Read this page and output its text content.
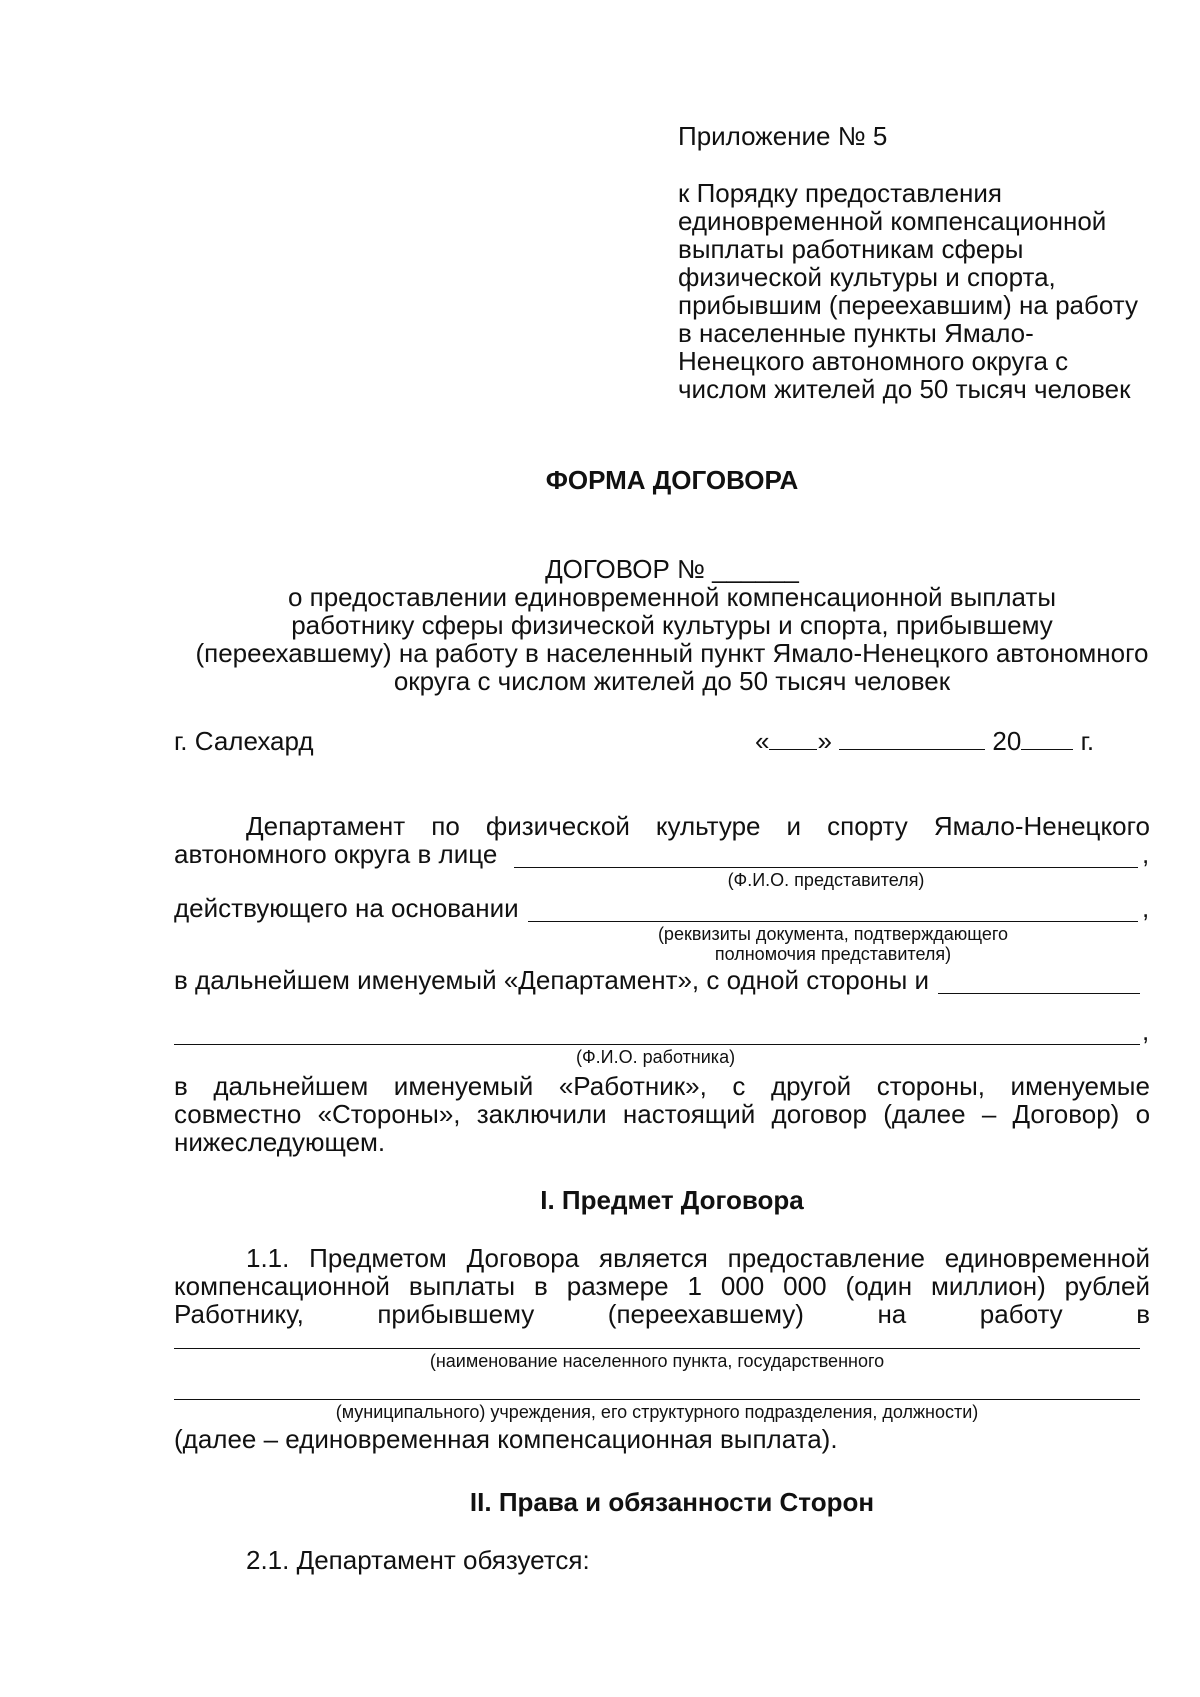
Приложение № 5
к Порядку предоставления
единовременной компенсационной
выплаты работникам сферы
физической культуры и спорта,
прибывшим (переехавшим) на работу
в населенные пункты Ямало-
Ненецкого автономного округа с
числом жителей до 50 тысяч человек
ФОРМА ДОГОВОРА
ДОГОВОР № ______
о предоставлении единовременной компенсационной выплаты
работнику сферы физической культуры и спорта, прибывшему
(переехавшему) на работу в населенный пункт Ямало-Ненецкого автономного
округа с числом жителей до 50 тысяч человек
г. Салехард	« »	20 г.
Департамент по физической культуре и спорту Ямало-Ненецкого
автономного округа в лице	,
(Ф.И.О. представителя)
действующего на основании	,
(реквизиты документа, подтверждающего
полномочия представителя)
в дальнейшем именуемый «Департамент», с одной стороны и
,
(Ф.И.О. работника)
в дальнейшем именуемый «Работник», с другой стороны, именуемые
совместно «Стороны», заключили настоящий договор (далее – Договор) о
нижеследующем.
I. Предмет Договора
1.1. Предметом Договора является предоставление единовременной
компенсационной выплаты в размере 1 000 000 (один миллион) рублей
Работнику,	прибывшему	(переехавшему)	на	работу	в
(наименование населенного пункта, государственного
(муниципального) учреждения, его структурного подразделения, должности)
(далее – единовременная компенсационная выплата).
II. Права и обязанности Сторон
2.1. Департамент обязуется:
